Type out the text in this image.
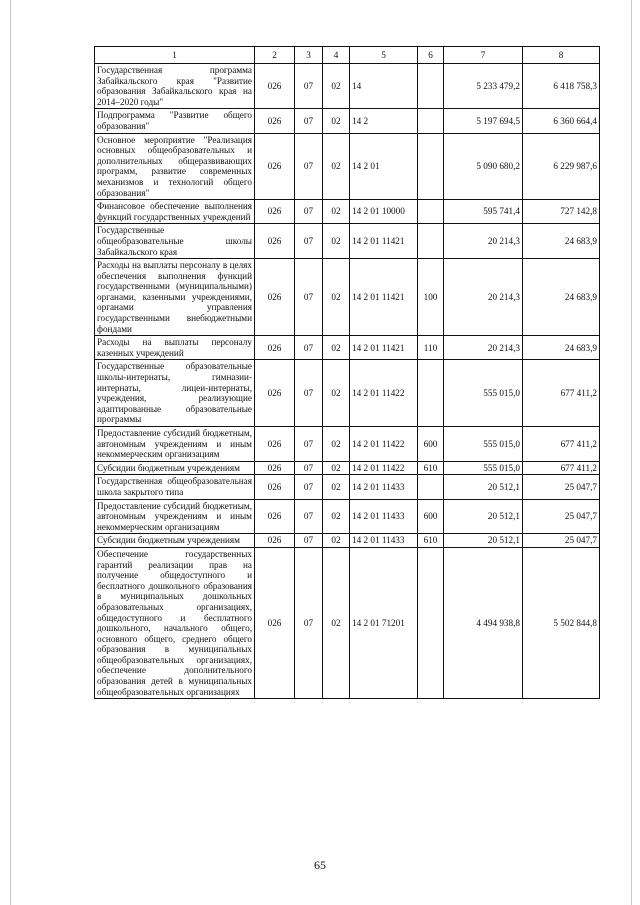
1	2	3	4	5	6	7	8
Государственная программа Забайкальского края "Развитие образования Забайкальского края на 2014–2020 годы"	026	07	02	14		5 233 479,2	6 418 758,3
Подпрограмма "Развитие общего образования"	026	07	02	14 2		5 197 694,5	6 360 664,4
Основное мероприятие "Реализация основных общеобразовательных и дополнительных общеразвивающих программ, развитие современных механизмов и технологий общего образования"	026	07	02	14 2 01		5 090 680,2	6 229 987,6
Финансовое обеспечение выполнения функций государственных учреждений	026	07	02	14 2 01 10000		595 741,4	727 142,8
Государственные общеобразовательные школы Забайкальского края	026	07	02	14 2 01 11421		20 214,3	24 683,9
Расходы на выплаты персоналу в целях обеспечения выполнения функций государственными (муниципальными) органами, казенными учреждениями, органами управления государственными внебюджетными фондами	026	07	02	14 2 01 11421	100	20 214,3	24 683,9
Расходы на выплаты персоналу казенных учреждений	026	07	02	14 2 01 11421	110	20 214,3	24 683,9
Государственные образовательные школы-интернаты, гимназии-интернаты, лицеи-интернаты, учреждения, реализующие адаптированные образовательные программы	026	07	02	14 2 01 11422		555 015,0	677 411,2
Предоставление субсидий бюджетным, автономным учреждениям и иным некоммерческим организациям	026	07	02	14 2 01 11422	600	555 015,0	677 411,2
Субсидии бюджетным учреждениям	026	07	02	14 2 01 11422	610	555 015,0	677 411,2
Государственная общеобразовательная школа закрытого типа	026	07	02	14 2 01 11433		20 512,1	25 047,7
Предоставление субсидий бюджетным, автономным учреждениям и иным некоммерческим организациям	026	07	02	14 2 01 11433	600	20 512,1	25 047,7
Субсидии бюджетным учреждениям	026	07	02	14 2 01 11433	610	20 512,1	25 047,7
Обеспечение государственных гарантий реализации прав на получение общедоступного и бесплатного дошкольного образования в муниципальных дошкольных образовательных организациях, общедоступного и бесплатного дошкольного, начального общего, основного общего, среднего общего образования в муниципальных общеобразовательных организациях, обеспечение дополнительного образования детей в муниципальных общеобразовательных организациях	026	07	02	14 2 01 71201		4 494 938,8	5 502 844,8
65
